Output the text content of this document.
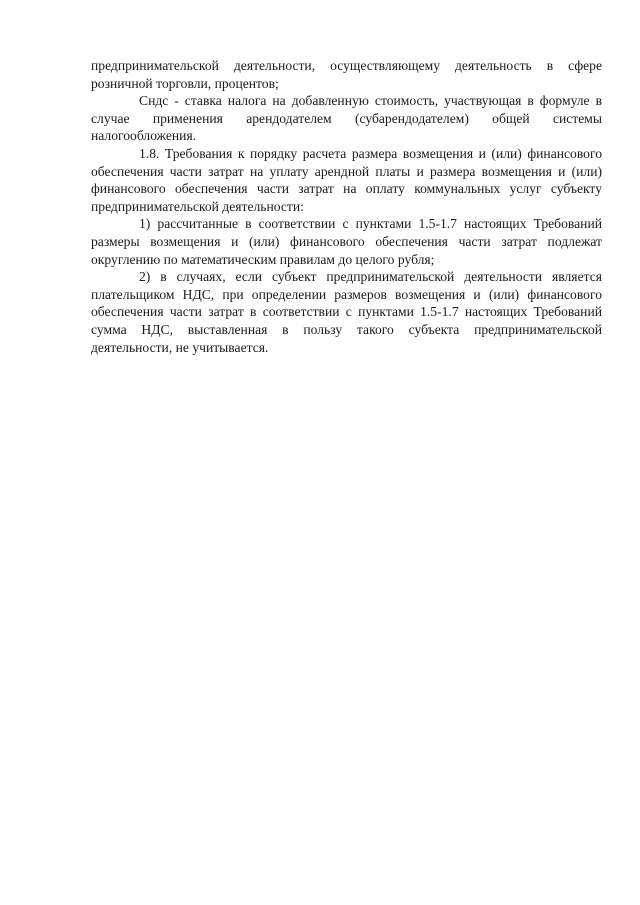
предпринимательской деятельности, осуществляющему деятельность в сфере розничной торговли, процентов;

Сндс - ставка налога на добавленную стоимость, участвующая в формуле в случае применения арендодателем (субарендодателем) общей системы налогообложения.

1.8. Требования к порядку расчета размера возмещения и (или) финансового обеспечения части затрат на уплату арендной платы и размера возмещения и (или) финансового обеспечения части затрат на оплату коммунальных услуг субъекту предпринимательской деятельности:

1) рассчитанные в соответствии с пунктами 1.5-1.7 настоящих Требований размеры возмещения и (или) финансового обеспечения части затрат подлежат округлению по математическим правилам до целого рубля;

2) в случаях, если субъект предпринимательской деятельности является плательщиком НДС, при определении размеров возмещения и (или) финансового обеспечения части затрат в соответствии с пунктами 1.5-1.7 настоящих Требований сумма НДС, выставленная в пользу такого субъекта предпринимательской деятельности, не учитывается.
